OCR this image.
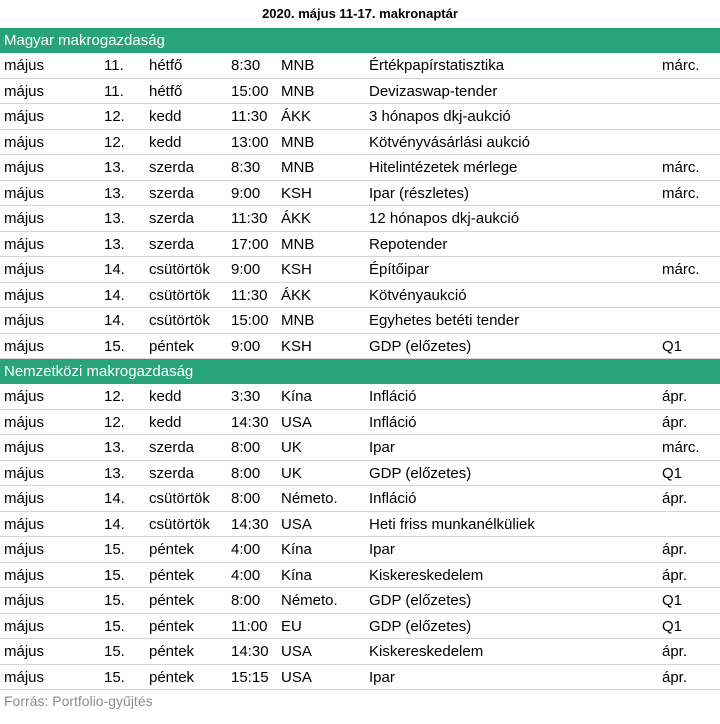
2020. május 11-17. makronaptár
Magyar makrogazdaság
május	11.	hétfő	8:30	MNB	Értékpapírstatisztika	márc.
május	11.	hétfő	15:00 MNB	Devizaswap-tender
május	12.	kedd	11:30 ÁKK	3 hónapos dkj-aukció
május	12.	kedd	13:00 MNB	Kötvényvásárlási aukció
május	13.	szerda	8:30	MNB	Hitelintézetek mérlege	márc.
május	13.	szerda	9:00	KSH	Ipar (részletes)	márc.
május	13.	szerda	11:30 ÁKK	12 hónapos dkj-aukció
május	13.	szerda	17:00 MNB	Repotender
május	14.	csütörtök	9:00	KSH	Építőipar	márc.
május	14.	csütörtök	11:30 ÁKK	Kötvényaukció
május	14.	csütörtök	15:00 MNB	Egyhetes betéti tender
május	15.	péntek	9:00	KSH	GDP (előzetes)	Q1
Nemzetközi makrogazdaság
május	12.	kedd	3:30	Kína	Infláció	ápr.
május	12.	kedd	14:30 USA	Infláció	ápr.
május	13.	szerda	8:00	UK	Ipar	márc.
május	13.	szerda	8:00	UK	GDP (előzetes)	Q1
május	14.	csütörtök	8:00	Németo.	Infláció	ápr.
május	14.	csütörtök	14:30 USA	Heti friss munkanélküliek
május	15.	péntek	4:00	Kína	Ipar	ápr.
május	15.	péntek	4:00	Kína	Kiskereskedelem	ápr.
május	15.	péntek	8:00	Németo.	GDP (előzetes)	Q1
május	15.	péntek	11:00 EU	GDP (előzetes)	Q1
május	15.	péntek	14:30 USA	Kiskereskedelem	ápr.
május	15.	péntek	15:15 USA	Ipar	ápr.
Forrás: Portfolio-gyűjtés
